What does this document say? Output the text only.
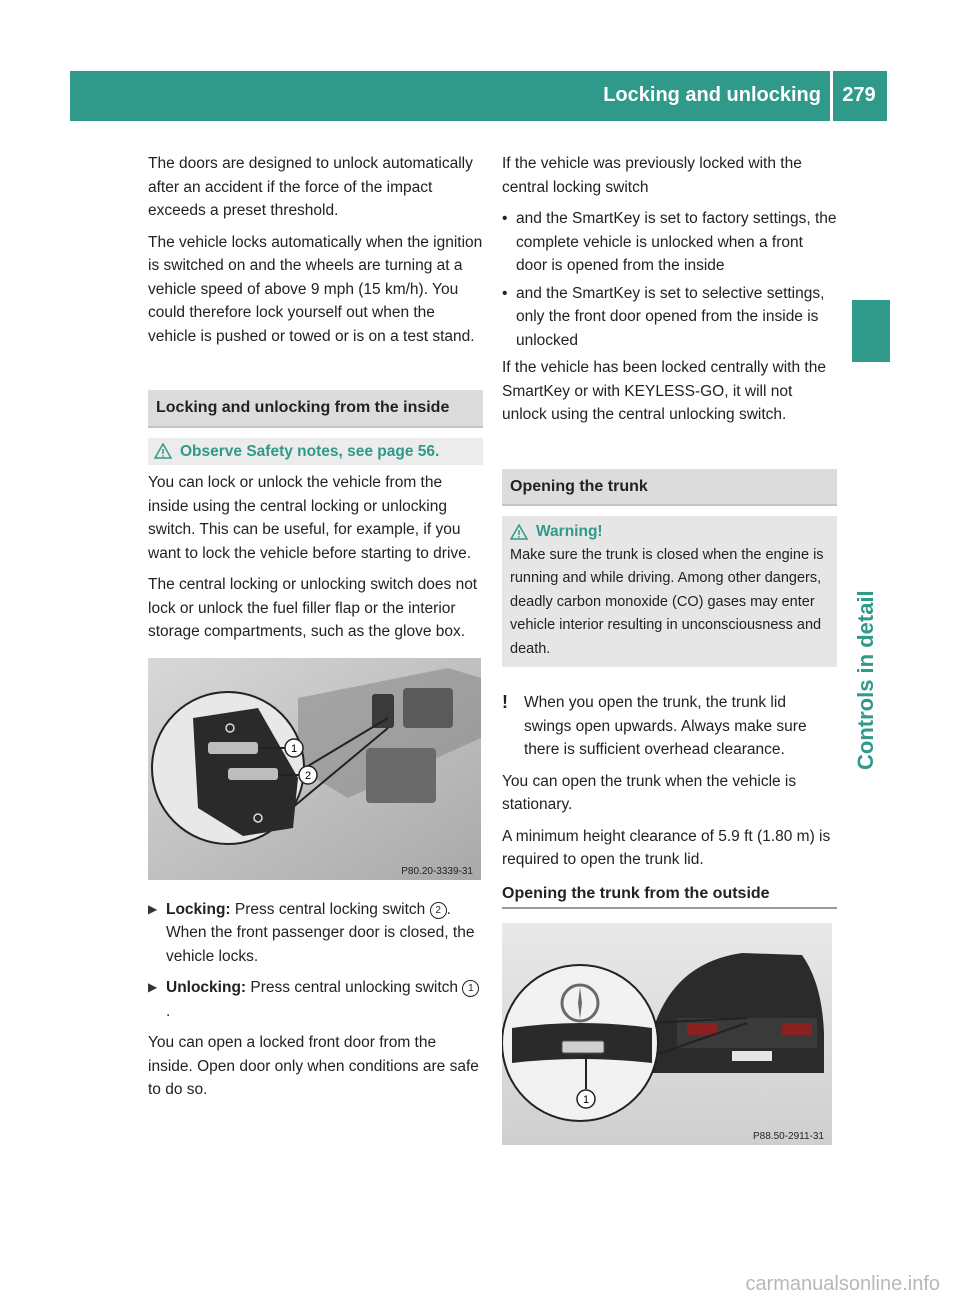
Locking and unlocking	279
Controls in detail

The doors are designed to unlock automatically after an accident if the force of the impact exceeds a preset threshold.

The vehicle locks automatically when the ignition is switched on and the wheels are turning at a vehicle speed of above 9 mph (15 km/h). You could therefore lock yourself out when the vehicle is pushed or towed or is on a test stand.

Locking and unlocking from the inside
Observe Safety notes, see page 56.

You can lock or unlock the vehicle from the inside using the central locking or unlocking switch. This can be useful, for example, if you want to lock the vehicle before starting to drive.

The central locking or unlocking switch does not lock or unlock the fuel filler flap or the interior storage compartments, such as the glove box.

1
2
P80.20-3339-31
▶ Locking: Press central locking switch 2 . When the front passenger door is closed, the vehicle locks.
▶ Unlocking: Press central unlocking switch 1.

You can open a locked front door from the inside. Open door only when conditions are safe to do so.

If the vehicle was previously locked with the central locking switch

• and the SmartKey is set to factory settings, the complete vehicle is unlocked when a front door is opened from the inside
• and the SmartKey is set to selective settings, only the front door opened from the inside is unlocked

If the vehicle has been locked centrally with the SmartKey or with KEYLESS-GO, it will not unlock using the central unlocking switch.

Opening the trunk
Warning!
Make sure the trunk is closed when the engine is running and while driving. Among other dangers, deadly carbon monoxide (CO) gases may enter vehicle interior resulting in unconsciousness and death.
!	When you open the trunk, the trunk lid swings open upwards. Always make sure there is sufficient overhead clearance.

You can open the trunk when the vehicle is stationary.

A minimum height clearance of 5.9 ft (1.80 m) is required to open the trunk lid.

Opening the trunk from the outside
1
P88.50-2911-31
carmanualsonline.info
